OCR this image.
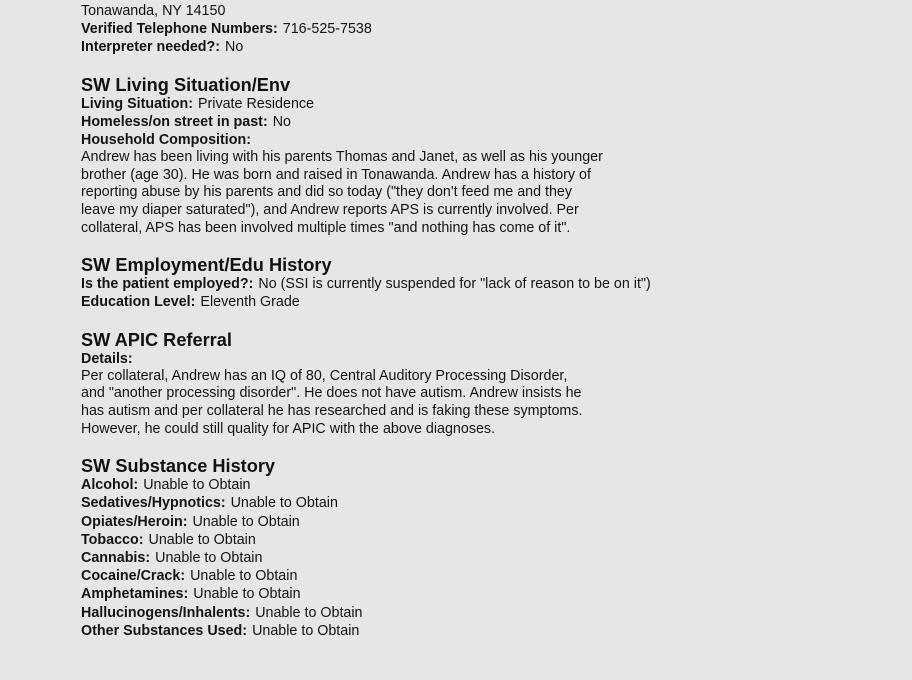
Tonawanda, NY 14150
Verified Telephone Numbers: 716-525-7538
Interpreter needed?: No
SW Living Situation/Env
Living Situation: Private Residence
Homeless/on street in past: No
Household Composition:
Andrew has been living with his parents Thomas and Janet, as well as his younger
brother (age 30). He was born and raised in Tonawanda. Andrew has a history of
reporting abuse by his parents and did so today ("they don't feed me and they
leave my diaper saturated"), and Andrew reports APS is currently involved. Per
collateral, APS has been involved multiple times "and nothing has come of it".
SW Employment/Edu History
Is the patient employed?: No (SSI is currently suspended for "lack of reason to be on it")
Education Level: Eleventh Grade
SW APIC Referral
Details:
Per collateral, Andrew has an IQ of 80, Central Auditory Processing Disorder,
and "another processing disorder". He does not have autism. Andrew insists he
has autism and per collateral he has researched and is faking these symptoms.
However, he could still quality for APIC with the above diagnoses.
SW Substance History
Alcohol: Unable to Obtain
Sedatives/Hypnotics: Unable to Obtain
Opiates/Heroin: Unable to Obtain
Tobacco: Unable to Obtain
Cannabis: Unable to Obtain
Cocaine/Crack: Unable to Obtain
Amphetamines: Unable to Obtain
Hallucinogens/Inhalents: Unable to Obtain
Other Substances Used: Unable to Obtain
